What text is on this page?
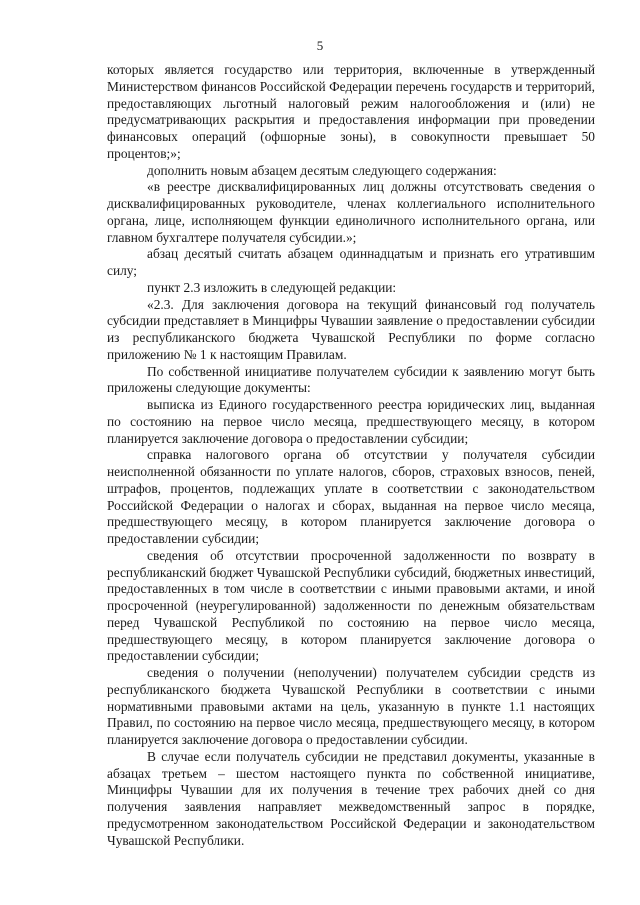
5

которых является государство или территория, включенные в утвержденный Министерством финансов Российской Федерации перечень государств и территорий, предоставляющих льготный налоговый режим налогообложения и (или) не предусматривающих раскрытия и предоставления информации при проведении финансовых операций (офшорные зоны), в совокупности превышает 50 процентов;»;

дополнить новым абзацем десятым следующего содержания:

«в реестре дисквалифицированных лиц должны отсутствовать сведения о дисквалифицированных руководителе, членах коллегиального исполнительного органа, лице, исполняющем функции единоличного исполнительного органа, или главном бухгалтере получателя субсидии.»;

абзац десятый считать абзацем одиннадцатым и признать его утратившим силу;

пункт 2.3 изложить в следующей редакции:

«2.3. Для заключения договора на текущий финансовый год получатель субсидии представляет в Минцифры Чувашии заявление о предоставлении субсидии из республиканского бюджета Чувашской Республики по форме согласно приложению № 1 к настоящим Правилам.

По собственной инициативе получателем субсидии к заявлению могут быть приложены следующие документы:

выписка из Единого государственного реестра юридических лиц, выданная по состоянию на первое число месяца, предшествующего месяцу, в котором планируется заключение договора о предоставлении субсидии;

справка налогового органа об отсутствии у получателя субсидии неисполненной обязанности по уплате налогов, сборов, страховых взносов, пеней, штрафов, процентов, подлежащих уплате в соответствии с законодательством Российской Федерации о налогах и сборах, выданная на первое число месяца, предшествующего месяцу, в котором планируется заключение договора о предоставлении субсидии;

сведения об отсутствии просроченной задолженности по возврату в республиканский бюджет Чувашской Республики субсидий, бюджетных инвестиций, предоставленных в том числе в соответствии с иными правовыми актами, и иной просроченной (неурегулированной) задолженности по денежным обязательствам перед Чувашской Республикой по состоянию на первое число месяца, предшествующего месяцу, в котором планируется заключение договора о предоставлении субсидии;

сведения о получении (неполучении) получателем субсидии средств из республиканского бюджета Чувашской Республики в соответствии с иными нормативными правовыми актами на цель, указанную в пункте 1.1 настоящих Правил, по состоянию на первое число месяца, предшествующего месяцу, в котором планируется заключение договора о предоставлении субсидии.

В случае если получатель субсидии не представил документы, указанные в абзацах третьем – шестом настоящего пункта по собственной инициативе, Минцифры Чувашии для их получения в течение трех рабочих дней со дня получения заявления направляет межведомственный запрос в порядке, предусмотренном законодательством Российской Федерации и законодательством Чувашской Республики.
